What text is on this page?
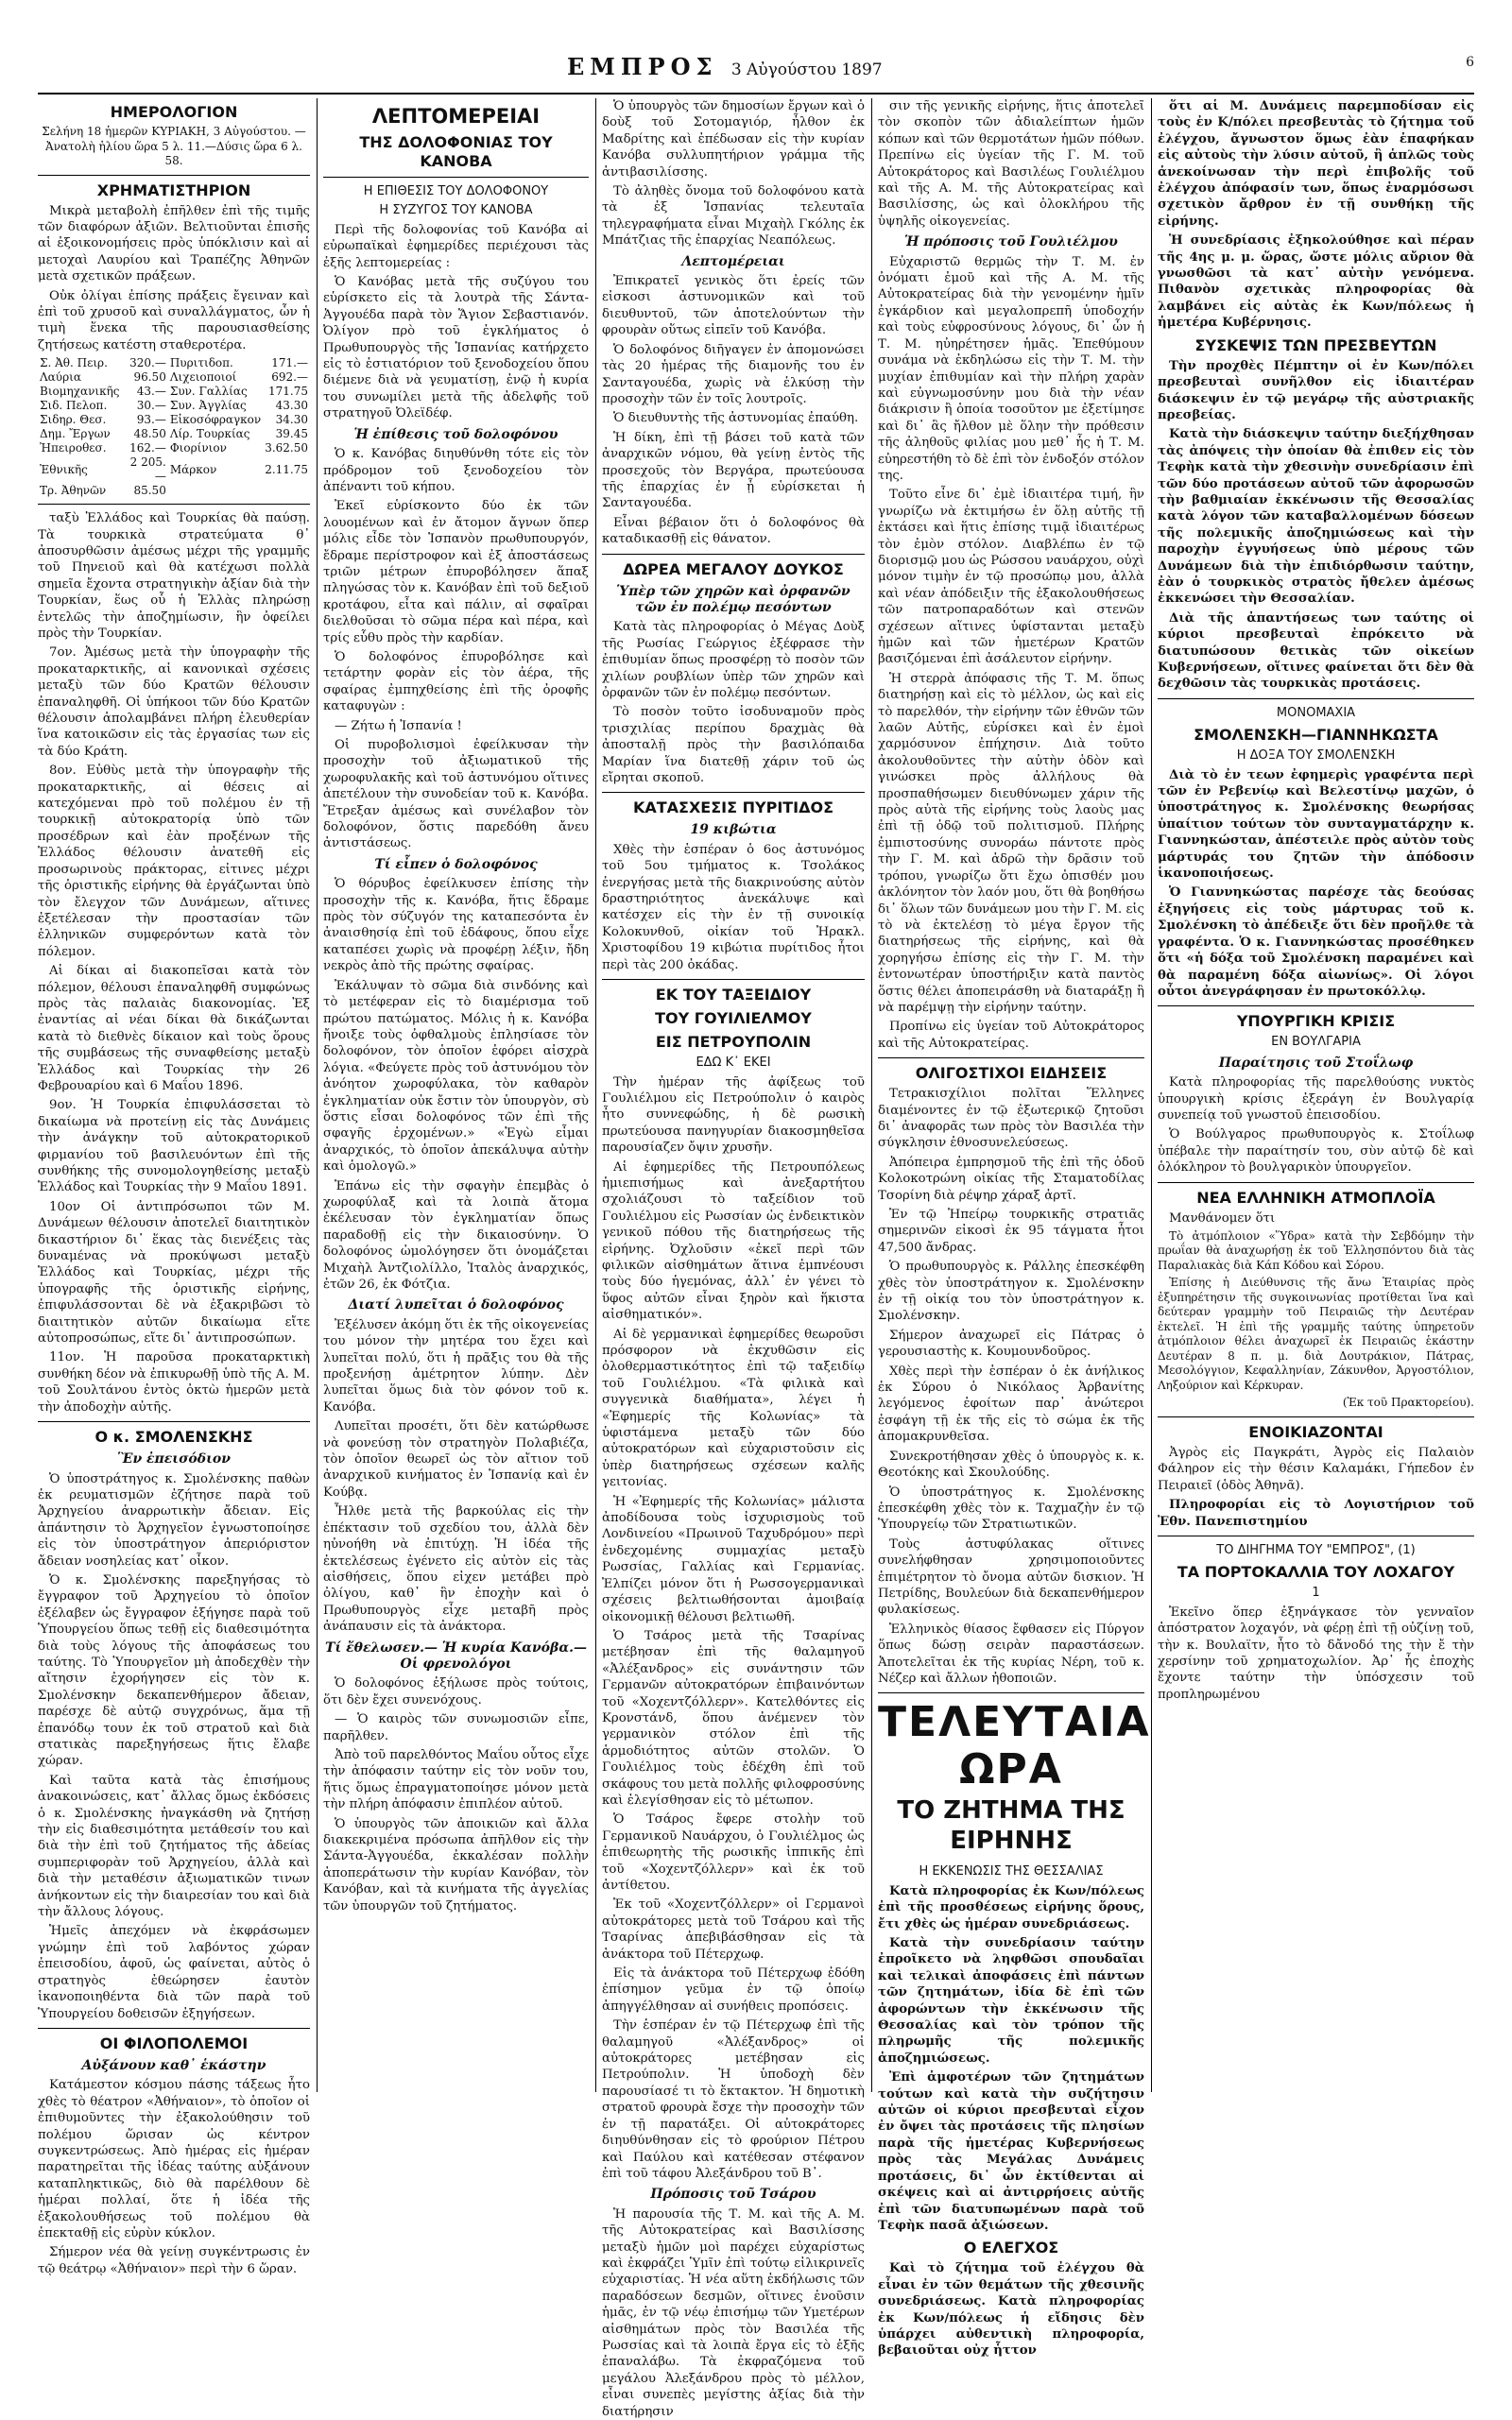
ΕΜΠΡΟΣ 3 Αὐγούστου 1897	6
ΗΜΕΡΟΛΟΓΙΟΝ

Σελήνη 18 ἡμερῶν ΚΥΡΙΑΚΗ, 3 Αὐγούστου. — Ἀνατολὴ ἡλίου ὥρα 5 λ. 11.—Δύσις ὥρα 6 λ. 58.

ΧΡΗΜΑΤΙΣΤΗΡΙΟΝ

Μικρὰ μεταβολὴ ἐπῆλθεν ἐπὶ τῆς τιμῆς τῶν διαφόρων ἀξιῶν. Βελτιοῦνται ἐπισῆς αἱ ἐξοικονομήσεις πρὸς ὑπόκλισιν καὶ αἱ μετοχαὶ Λαυρίου καὶ Τραπέζης Ἀθηνῶν μετὰ σχετικῶν πράξεων.

Οὐκ ὀλίγαι ἐπίσης πράξεις ἔγειναν καὶ ἐπὶ τοῦ χρυσοῦ καὶ συναλλάγματος, ὧν ἡ τιμὴ ἕνεκα τῆς παρουσιασθείσης ζητήσεως κατέστη σταθεροτέρα.

Σ. Ἀθ. Πειρ.	320.—	Πυριτιδοπ.	171.—
Λαύρια	96.50	Λιχειοποιοί	692.—
Βιομηχανικῆς	43.—	Συν. Γαλλίας	171.75
Σιδ. Πελοπ.	30.—	Συν. Ἀγγλίας	43.30
Σιδηρ. Θεσ.	93.—	Εἰκοσόφραγκον	34.30
Δημ. Ἔργων	48.50	Λίρ. Τουρκίας	39.45
Ἠπειροθεσ.	162.—	Φιορίνιον	3.62.50
Ἐθνικῆς	2 205.—	Μάρκον	2.11.75
Τρ. Ἀθηνῶν	85.50		

ταξὺ Ἑλλάδος καὶ Τουρκίας θὰ παύσῃ. Τὰ τουρκικὰ στρατεύματα θ᾽ ἀποσυρθῶσιν ἀμέσως μέχρι τῆς γραμμῆς τοῦ Πηνειοῦ καὶ θὰ κατέχωσι πολλὰ σημεῖα ἔχοντα στρατηγικὴν ἀξίαν διὰ τὴν Τουρκίαν, ἕως οὗ ἡ Ἑλλὰς πληρώσῃ ἐντελῶς τὴν ἀποζημίωσιν, ἣν ὀφείλει πρὸς τὴν Τουρκίαν.

7ον. Ἀμέσως μετὰ τὴν ὑπογραφὴν τῆς προκαταρκτικῆς, αἱ κανονικαὶ σχέσεις μεταξὺ τῶν δύο Κρατῶν θέλουσιν ἐπαναληφθῆ. Οἱ ὑπήκοοι τῶν δύο Κρατῶν θέλουσιν ἀπολαμβάνει πλήρη ἐλευθερίαν ἵνα κατοικῶσιν εἰς τὰς ἐργασίας των εἰς τὰ δύο Κράτη.

8ον. Εὐθὺς μετὰ τὴν ὑπογραφὴν τῆς προκαταρκτικῆς, αἱ θέσεις αἱ κατεχόμεναι πρὸ τοῦ πολέμου ἐν τῇ τουρκικῇ αὐτοκρατορίᾳ ὑπὸ τῶν προσέδρων καὶ ἐὰν προξένων τῆς Ἑλλάδος θέλουσιν ἀνατεθῆ εἰς προσωρινοὺς πράκτορας, εἰτινες μέχρι τῆς ὁριστικῆς εἰρήνης θὰ ἐργάζωνται ὑπὸ τὸν ἔλεγχον τῶν Δυνάμεων, αἵτινες ἐξετέλεσαν τὴν προστασίαν τῶν ἑλληνικῶν συμφερόντων κατὰ τὸν πόλεμον.

Αἱ δίκαι αἱ διακοπεῖσαι κατὰ τὸν πόλεμον, θέλουσι ἐπαναληφθῆ συμφώνως πρὸς τὰς παλαιὰς διακονομίας. Ἐξ ἐναντίας αἱ νέαι δίκαι θὰ δικάζωνται κατὰ τὸ διεθνὲς δίκαιον καὶ τοὺς ὅρους τῆς συμβάσεως τῆς συναφθείσης μεταξὺ Ἑλλάδος καὶ Τουρκίας τὴν 26 Φεβρουαρίου καὶ 6 Μαΐου 1896.

9ον. Ἡ Τουρκία ἐπιφυλάσσεται τὸ δικαίωμα νὰ προτείνῃ εἰς τὰς Δυνάμεις τὴν ἀνάγκην τοῦ αὐτοκρατορικοῦ φιρμανίου τοῦ βασιλευόντων ἐπὶ τῆς συνθήκης τῆς συνομολογηθείσης μεταξὺ Ἑλλάδος καὶ Τουρκίας τὴν 9 Μαΐου 1891.

10ον Οἱ ἀντιπρόσωποι τῶν Μ. Δυνάμεων θέλουσιν ἀποτελεῖ διαιτητικὸν δικαστήριον δι᾽ ἕκας τὰς διενέξεις τὰς δυναμένας νὰ προκύψωσι μεταξὺ Ἑλλάδος καὶ Τουρκίας, μέχρι τῆς ὑπογραφῆς τῆς ὁριστικῆς εἰρήνης, ἐπιφυλάσσονται δὲ νὰ ἐξακριβῶσι τὸ διαιτητικὸν αὐτῶν δικαίωμα εἴτε αὐτοπροσώπως, εἴτε δι᾽ ἀντιπροσώπων.

11ον. Ἡ παροῦσα προκαταρκτικὴ συνθήκη δέον νὰ ἐπικυρωθῇ ὑπὸ τῆς Α. Μ. τοῦ Σουλτάνου ἐντὸς ὀκτὼ ἡμερῶν μετὰ τὴν ἀποδοχὴν αὐτῆς.

Ο κ. ΣΜΟΛΕΝΣΚΗΣ
Ἓν ἐπεισόδιον

Ὁ ὑποστράτηγος κ. Σμολένσκης παθὼν ἐκ ρευματισμῶν ἐζήτησε παρὰ τοῦ Ἀρχηγείου ἀναρρωτικὴν ἄδειαν. Εἰς ἀπάντησιν τὸ Ἀρχηγεῖον ἐγνωστοποίησε εἰς τὸν ὑποστράτηγον ἀπεριόριστον ἄδειαν νοσηλείας κατ᾽ οἶκον.

Ὁ κ. Σμολένσκης παρεξηγήσας τὸ ἔγγραφον τοῦ Ἀρχηγείου τὸ ὁποῖον ἐξέλαβεν ὡς ἔγγραφον ἐξήγησε παρὰ τοῦ Ὑπουργείου ὅπως τεθῇ εἰς διαθεσιμότητα διὰ τοὺς λόγους τῆς ἀποφάσεως του ταύτης. Τὸ Ὑπουργεῖον μὴ ἀποδεχθὲν τὴν αἴτησιν ἐχορήγησεν εἰς τὸν κ. Σμολένσκην δεκαπενθήμερον ἄδειαν, παρέσχε δὲ αὐτῷ συγχρόνως, ἅμα τῇ ἐπανόδῳ τουν ἐκ τοῦ στρατοῦ καὶ διὰ στατικὰς παρεξηγήσεως ἥτις ἔλαβε χώραν.

Καὶ ταῦτα κατὰ τὰς ἐπισήμους ἀνακοινώσεις, κατ᾽ ἄλλας ὅμως ἐκδόσεις ὁ κ. Σμολένσκης ἠναγκάσθη νὰ ζητήσῃ τὴν εἰς διαθεσιμότητα μετάθεσίν του καὶ διὰ τὴν ἐπὶ τοῦ ζητήματος τῆς ἀδείας συμπεριφορὰν τοῦ Ἀρχηγείου, ἀλλὰ καὶ διὰ τὴν μεταθέσιν ἀξιωματικῶν τινων ἀνήκοντων εἰς τὴν διαιρεσίαν του καὶ διὰ τὴν ἄλλους λόγους.

Ἡμεῖς ἀπεχόμεν νὰ ἐκφράσωμεν γνώμην ἐπὶ τοῦ λαβόντος χώραν ἐπεισοδίου, ἀφοῦ, ὡς φαίνεται, αὐτὸς ὁ στρατηγὸς ἐθεώρησεν ἐαυτὸν ἱκανοποιηθέντα διὰ τῶν παρὰ τοῦ Ὑπουργείου δοθεισῶν ἐξηγήσεων.

ΟΙ ΦΙΛΟΠΟΛΕΜΟΙ
Αὐξάνουν καθ᾽ ἑκάστην

Κατάμεστον κόσμου πάσης τάξεως ἦτο χθὲς τὸ θέατρον «Ἀθήναιον», τὸ ὁποῖον οἱ ἐπιθυμοῦντες τὴν ἐξακολούθησιν τοῦ πολέμου ὥρισαν ὡς κέντρον συγκεντρώσεως. Ἀπὸ ἡμέρας εἰς ἡμέραν παρατηρεῖται τῆς ἰδέας ταύτης αὐξάνουν καταπληκτικῶς, διὸ θὰ παρέλθουν δὲ ἡμέραι πολλαί, ὅτε ἡ ἰδέα τῆς ἐξακολουθήσεως τοῦ πολέμου θὰ ἐπεκταθῇ εἰς εὐρὺν κύκλον.

Σήμερον νέα θὰ γείνῃ συγκέντρωσις ἐν τῷ θεάτρῳ «Ἀθήναιον» περὶ τὴν 6 ὥραν.

ΛΕΠΤΟΜΕΡΕΙΑΙ
ΤΗΣ ΔΟΛΟΦΟΝΙΑΣ ΤΟΥ ΚΑΝΟΒΑ
Η ΕΠΙΘΕΣΙΣ ΤΟΥ ΔΟΛΟΦΟΝΟΥ
Η ΣΥΖΥΓΟΣ ΤΟΥ ΚΑΝΟΒΑ

Περὶ τῆς δολοφονίας τοῦ Κανόβα αἱ εὐρωπαϊκαὶ ἐφημερίδες περιέχουσι τὰς ἑξῆς λεπτομερείας :

Ὁ Κανόβας μετὰ τῆς συζύγου του εὑρίσκετο εἰς τὰ λουτρὰ τῆς Σάντα-Ἀγγουέδα παρὰ τὸν Ἅγιον Σεβαστιανόν. Ὀλίγον πρὸ τοῦ ἐγκλήματος ὁ Πρωθυπουργὸς τῆς Ἱσπανίας κατήρχετο εἰς τὸ ἑστιατόριον τοῦ ξενοδοχείου ὅπου διέμενε διὰ νὰ γευματίσῃ, ἐνῷ ἡ κυρία του συνωμίλει μετὰ τῆς ἀδελφῆς τοῦ στρατηγοῦ Ὀλεϊδέφ.

Ἡ ἐπίθεσις τοῦ δολοφόνου

Ὁ κ. Κανόβας διηυθύνθη τότε εἰς τὸν πρόδρομον τοῦ ξενοδοχείου τὸν ἀπέναντι τοῦ κήπου.

Ἐκεῖ εὑρίσκοντο δύο ἐκ τῶν λουομένων καὶ ἐν ἄτομον ἄγνων ὅπερ μόλις εἶδε τὸν Ἱσπανὸν πρωθυπουργόν, ἔδραμε περίστροφον καὶ ἐξ ἀποστάσεως τριῶν μέτρων ἐπυροβόλησεν ἅπαξ πληγώσας τὸν κ. Κανόβαν ἐπὶ τοῦ δεξιοῦ κροτάφου, εἶτα καὶ πάλιν, αἱ σφαῖραι διελθοῦσαι τὸ σῶμα πέρα καὶ πέρα, καὶ τρίς εὗθυ πρὸς τὴν καρδίαν.

Ὁ δολοφόνος ἐπυροβόλησε καὶ τετάρτην φορὰν εἰς τὸν ἀέρα, τῆς σφαίρας ἐμπηχθείσης ἐπὶ τῆς ὀροφῆς καταφυγὼν :

— Ζήτω ἡ Ἱσπανία !

Οἱ πυροβολισμοὶ ἐφείλκυσαν τὴν προσοχὴν τοῦ ἀξιωματικοῦ τῆς χωροφυλακῆς καὶ τοῦ ἀστυνόμου οἵτινες ἀπετέλουν τὴν συνοδείαν τοῦ κ. Κανόβα. Ἔτρεξαν ἀμέσως καὶ συνέλαβον τὸν δολοφόνον, ὅστις παρεδόθη ἄνευ ἀντιστάσεως.

Τί εἶπεν ὁ δολοφόνος

Ὁ θόρυβος ἐφείλκυσεν ἐπίσης τὴν προσοχὴν τῆς κ. Κανόβα, ἥτις ἔδραμε πρὸς τὸν σύζυγόν της καταπεσόντα ἐν ἀναισθησίᾳ ἐπὶ τοῦ ἐδάφους, ὅπου εἶχε καταπέσει χωρὶς νὰ προφέρῃ λέξιν, ἤδη νεκρὸς ἀπὸ τῆς πρώτης σφαίρας.

Ἐκάλυψαν τὸ σῶμα διὰ σινδόνης καὶ τὸ μετέφεραν εἰς τὸ διαμέρισμα τοῦ πρώτου πατώματος. Μόλις ἡ κ. Κανόβα ἤνοιξε τοὺς ὀφθαλμοὺς ἐπλησίασε τὸν δολοφόνον, τὸν ὁποῖον ἐφόρει αἰσχρὰ λόγια. «Φεύγετε πρὸς τοῦ ἀστυνόμου τὸν ἀνόητον χωροφύλακα, τὸν καθαρὸν ἐγκληματίαν οὐκ ἔστιν τὸν ὑπουργὸν, σὺ ὅστις εἶσαι δολοφόνος τῶν ἐπὶ τῆς σφαγῆς ἐρχομένων.» «Ἐγὼ εἶμαι ἀναρχικός, τὸ ὁποῖον ἀπεκάλυψα αὐτὴν καὶ ὁμολογῶ.»

Ἐπάνω εἰς τὴν σφαγὴν ἐπεμβὰς ὁ χωροφύλαξ καὶ τὰ λοιπὰ ἄτομα ἐκέλευσαν τὸν ἐγκληματίαν ὅπως παραδοθῇ εἰς τὴν δικαιοσύνην. Ὁ δολοφόνος ὠμολόγησεν ὅτι ὀνομάζεται Μιχαὴλ Ἀντζιολίλλο, Ἰταλὸς ἀναρχικός, ἐτῶν 26, ἐκ Φότζια.

Διατί λυπεῖται ὁ δολοφόνος

Ἐξέλυσεν ἀκόμη ὅτι ἐκ τῆς οἰκογενείας του μόνον τὴν μητέρα του ἔχει καὶ λυπεῖται πολύ, ὅτι ἡ πρᾶξις του θὰ τῆς προξενήσῃ ἀμέτρητον λύπην. Δὲν λυπεῖται ὅμως διὰ τὸν φόνον τοῦ κ. Κανόβα.

Λυπεῖται προσέτι, ὅτι δὲν κατώρθωσε νὰ φονεύσῃ τὸν στρατηγὸν Πολαβιέζα, τὸν ὁποῖον θεωρεῖ ὡς τὸν αἴτιον τοῦ ἀναρχικοῦ κινήματος ἐν Ἰσπανίᾳ καὶ ἐν Κούβᾳ.

Ἦλθε μετὰ τῆς βαρκούλας εἰς τὴν ἐπέκτασιν τοῦ σχεδίου του, ἀλλὰ δὲν ηὐνοήθη νὰ ἐπιτύχῃ. Ἡ ἰδέα τῆς ἐκτελέσεως ἐγένετο εἰς αὐτὸν εἰς τὰς αἰσθήσεις, ὅπου εἰχεν μετάβει πρὸ ὀλίγου, καθ᾽ ἣν ἐποχὴν καὶ ὁ Πρωθυπουργὸς εἶχε μεταβῆ πρὸς ἀνάπαυσιν εἰς τὰ ἀνάκτορα.

Τί ἔθελωσεν.— Ἡ κυρία Κανόβα.— Οἱ φρενολόγοι

Ὁ δολοφόνος ἐξήλωσε πρὸς τούτοις, ὅτι δὲν ἔχει συνενόχους.

— Ὁ καιρὸς τῶν συνωμοσιῶν εἶπε, παρῆλθεν.

Ἀπὸ τοῦ παρελθόντος Μαΐου οὗτος εἶχε τὴν ἀπόφασιν ταύτην εἰς τὸν νοῦν του, ἥτις ὅμως ἐπραγματοποίησε μόνον μετὰ τὴν πλήρη ἀπόφασιν ἐπιπλέον αὐτοῦ.

Ὁ ὑπουργὸς τῶν ἀποικιῶν καὶ ἄλλα διακεκριμένα πρόσωπα ἀπῆλθον εἰς τὴν Σάντα-Ἀγγουέδα, ἐκκαλέσαν πολλὴν ἀποπεράτωσιν τὴν κυρίαν Κανόβαν, τὸν Κανόβαν, καὶ τὰ κινήματα τῆς ἀγγελίας τῶν ὑπουργῶν τοῦ ζητήματος.

Ὁ ὑπουργὸς τῶν δημοσίων ἔργων καὶ ὁ δοὺξ τοῦ Σοτομαγιόρ, ἦλθον ἐκ Μαδρίτης καὶ ἐπέδωσαν εἰς τὴν κυρίαν Κανόβα συλλυπητήριον γράμμα τῆς ἀντιβασιλίσσης.

Τὸ ἀληθὲς ὄνομα τοῦ δολοφόνου κατὰ τὰ ἐξ Ἱσπανίας τελευταῖα τηλεγραφήματα εἶναι Μιχαὴλ Γκόλης ἐκ Μπάτζιας τῆς ἐπαρχίας Νεαπόλεως.

Λεπτομέρειαι

Ἐπικρατεῖ γενικὸς ὅτι ἐρείς τῶν εἰσκοσι ἀστυνομικῶν καὶ τοῦ διευθυντοῦ, τῶν ἀποτελούντων τὴν φρουρὰν οὕτως εἰπεῖν τοῦ Κανόβα.

Ὁ δολοφόνος διῆγαγεν ἐν ἀπομονώσει τὰς 20 ἡμέρας τῆς διαμονῆς του ἐν Σανταγουέδα, χωρὶς νὰ ἑλκύσῃ τὴν προσοχὴν τῶν ἐν τοῖς λουτροῖς.

Ὁ διευθυντὴς τῆς ἀστυνομίας ἐπαύθη.

Ἡ δίκη, ἐπὶ τῇ βάσει τοῦ κατὰ τῶν ἀναρχικῶν νόμου, θὰ γείνῃ ἐντὸς τῆς προσεχοῦς τὸν Βεργάρα, πρωτεύουσα τῆς ἐπαρχίας ἐν ᾗ εὑρίσκεται ἡ Σανταγουέδα.

Εἶναι βέβαιον ὅτι ὁ δολοφόνος θὰ καταδικασθῇ εἰς θάνατον.

ΔΩΡΕΑ ΜΕΓΑΛΟΥ ΔΟΥΚΟΣ
Ὑπὲρ τῶν χηρῶν καὶ ὀρφανῶν τῶν ἐν πολέμῳ πεσόντων

Κατὰ τὰς πληροφορίας ὁ Μέγας Δοὺξ τῆς Ρωσίας Γεώργιος ἐξέφρασε τὴν ἐπιθυμίαν ὅπως προσφέρῃ τὸ ποσὸν τῶν χιλίων ρουβλίων ὑπὲρ τῶν χηρῶν καὶ ὀρφανῶν τῶν ἐν πολέμῳ πεσόντων.

Τὸ ποσὸν τοῦτο ἰσοδυναμοῦν πρὸς τρισχιλίας περίπου δραχμὰς θὰ ἀποσταλῇ πρὸς τὴν βασιλόπαιδα Μαρίαν ἵνα διατεθῇ χάριν τοῦ ὡς εἴρηται σκοποῦ.

ΚΑΤΑΣΧΕΣΙΣ ΠΥΡΙΤΙΔΟΣ
19 κιβώτια

Χθὲς τὴν ἑσπέραν ὁ 6ος ἀστυνόμος τοῦ 5ου τμήματος κ. Τσολάκος ἐνεργήσας μετὰ τῆς διακρινούσης αὐτὸν δραστηριότητος ἀνεκάλυψε καὶ κατέσχεν εἰς τὴν ἐν τῇ συνοικίᾳ Κολοκυνθοῦ, οἰκίαν τοῦ Ἡρακλ. Χριστοφίδου 19 κιβώτια πυρίτιδος ἦτοι περὶ τὰς 200 ὀκάδας.

ΕΚ ΤΟΥ ΤΑΞΕΙΔΙΟΥ
ΤΟΥ ΓΟΥΙΛΙΕΛΜΟΥ
ΕΙΣ ΠΕΤΡΟΥΠΟΛΙΝ
ΕΔΩ Κ᾽ ΕΚΕΙ

Τὴν ἡμέραν τῆς ἀφίξεως τοῦ Γουλιέλμου εἰς Πετρούπολιν ὁ καιρὸς ἦτο συννεφώδης, ἡ δὲ ρωσικὴ πρωτεύουσα πανηγυρίαν διακοσμηθεῖσα παρουσίαζεν ὄψιν χρυσῆν.

Αἱ ἐφημερίδες τῆς Πετρουπόλεως ἡμιεπισήμως καὶ ἀνεξαρτήτου σχολιάζουσι τὸ ταξείδιον τοῦ Γουλιέλμου εἰς Ρωσσίαν ὡς ἐνδεικτικὸν γενικοῦ πόθου τῆς διατηρήσεως τῆς εἰρήνης. Ὀχλοῦσιν «ἐκεῖ περὶ τῶν φιλικῶν αἰσθημάτων ἅτινα ἐμπνέουσι τοὺς δύο ἡγεμόνας, ἀλλ᾽ ἐν γένει τὸ ὕφος αὐτῶν εἶναι ξηρὸν καὶ ἥκιστα αἰσθηματικόν».

Αἱ δὲ γερμανικαὶ ἐφημερίδες θεωροῦσι πρόσφορον νὰ ἐκχυθῶσιν εἰς ὀλοθερμαστικότητος ἐπὶ τῷ ταξειδίῳ τοῦ Γουλιέλμου. «Τὰ φιλικὰ καὶ συγγενικὰ διαθήματα», λέγει ἡ «Ἐφημερίς τῆς Κολωνίας» τὰ ὑφιστάμενα μεταξὺ τῶν δύο αὐτοκρατόρων καὶ εὐχαριστοῦσιν εἰς ὑπὲρ διατηρήσεως σχέσεων καλῆς γειτονίας.

Ἡ «Ἐφημερίς τῆς Κολωνίας» μάλιστα ἀποδίδουσα τοὺς ἰσχυρισμοὺς τοῦ Λονδινείου «Πρωινοῦ Ταχυδρόμου» περὶ ἐνδεχομένης συμμαχίας μεταξὺ Ρωσσίας, Γαλλίας καὶ Γερμανίας. Ἐλπίζει μόνον ὅτι ἡ Ρωσσογερμανικαὶ σχέσεις βελτιωθήσονται ἀμοιβαίᾳ οἰκονομικῇ θέλουσι βελτιωθῆ.

Ὁ Τσάρος μετὰ τῆς Τσαρίνας μετέβησαν ἐπὶ τῆς θαλαμηγοῦ «Ἀλέξανδρος» εἰς συνάντησιν τῶν Γερμανῶν αὐτοκρατόρων ἐπιβαινόντων τοῦ «Χοχεντζόλλερν». Κατελθόντες εἰς Κρονστάνδ, ὅπου ἀνέμενεν τὸν γερμανικὸν στόλον ἐπὶ τῆς ἁρμοδιότητος αὐτῶν στολῶν. Ὁ Γουλιέλμος τοὺς ἐδέχθη ἐπὶ τοῦ σκάφους του μετὰ πολλῆς φιλοφροσύνης καὶ ἐλεγίσθησαν εἰς τὸ μέτωπον.

Ὁ Τσάρος ἔφερε στολὴν τοῦ Γερμανικοῦ Ναυάρχου, ὁ Γουλιέλμος ὡς ἐπιθεωρητὴς τῆς ρωσικῆς ἱππικῆς ἐπὶ τοῦ «Χοχεντζόλλερν» καὶ ἐκ τοῦ ἀντίθετου.

Ἐκ τοῦ «Χοχεντζόλλερν» οἱ Γερμανοὶ αὐτοκράτορες μετὰ τοῦ Τσάρου καὶ τῆς Τσαρίνας ἀπεβιβάσθησαν εἰς τὰ ἀνάκτορα τοῦ Πέτερχωφ.

Εἰς τὰ ἀνάκτορα τοῦ Πέτερχωφ ἐδόθη ἐπίσημον γεῦμα ἐν τῷ ὁποίῳ ἀπηγγέλθησαν αἱ συνήθεις προπόσεις.

Τὴν ἑσπέραν ἐν τῷ Πέτερχωφ ἐπὶ τῆς θαλαμηγοῦ «Ἀλέξανδρος» οἱ αὐτοκράτορες μετέβησαν εἰς Πετρούπολιν. Ἡ ὑποδοχὴ δὲν παρουσίασέ τι τὸ ἔκτακτον. Ἡ δημοτικὴ στρατοῦ φρουρὰ ἔσχε τὴν προσοχὴν τῶν ἐν τῇ παρατάξει. Οἱ αὐτοκράτορες διηυθύνθησαν εἰς τὸ φρούριον Πέτρου καὶ Παύλου καὶ κατέθεσαν στέφανον ἐπὶ τοῦ τάφου Ἀλεξάνδρου τοῦ Β᾽.

Πρόποσις τοῦ Τσάρου

Ἡ παρουσία τῆς Τ. Μ. καὶ τῆς Α. Μ. τῆς Αὐτοκρατείρας καὶ Βασιλίσσης μεταξὺ ἡμῶν μοὶ παρέχει εὐχαρίστως καὶ ἐκφράζει Ὑμῖν ἐπὶ τούτῳ εἰλικρινεῖς εὐχαριστίας. Ἡ νέα αὕτη ἐκδήλωσις τῶν παραδόσεων δεσμῶν, οἵτινες ἑνοῦσιν ἡμᾶς, ἐν τῷ νέῳ ἐπισήμῳ τῶν Υμετέρων αἰσθημάτων πρὸς τὸν Βασιλέα τῆς Ρωσσίας καὶ τὰ λοιπὰ ἔργα εἰς τὸ ἑξῆς ἐπαναλάβω. Τὰ ἐκφραζόμενα τοῦ μεγάλου Ἀλεξάνδρου πρὸς τὸ μέλλον, εἶναι συνεπὲς μεγίστης ἀξίας διὰ τὴν διατήρησιν

σιν τῆς γενικῆς εἰρήνης, ἥτις ἀποτελεῖ τὸν σκοπὸν τῶν ἀδιαλείπτων ἡμῶν κόπων καὶ τῶν θερμοτάτων ἡμῶν πόθων. Πρεπίνω εἰς ὑγείαν τῆς Γ. Μ. τοῦ Αὐτοκράτορος καὶ Βασιλέως Γουλιέλμου καὶ τῆς Α. Μ. τῆς Αὐτοκρατείρας καὶ Βασιλίσσης, ὡς καὶ ὁλοκλήρου τῆς ὑψηλῆς οἰκογενείας.

Ἡ πρόποσις τοῦ Γουλιέλμου

Εὐχαριστῶ θερμῶς τὴν Τ. Μ. ἐν ὀνόματι ἐμοῦ καὶ τῆς Α. Μ. τῆς Αὐτοκρατείρας διὰ τὴν γενομένην ἡμῖν ἐγκάρδιον καὶ μεγαλοπρεπῆ ὑποδοχήν καὶ τοὺς εὐφροσύνους λόγους, δι᾽ ὧν ἡ Τ. Μ. ηὐηρέτησεν ἡμᾶς. Ἐπεθύμουν συνάμα νὰ ἐκδηλώσω εἰς τὴν Τ. Μ. τὴν μυχίαν ἐπιθυμίαν καὶ τὴν πλήρη χαρὰν καὶ εὐγνωμοσύνην μου διὰ τὴν νέαν διάκρισιν ἢ ὁποία τοσοῦτον με ἐξετίμησε καὶ δι᾽ ἃς ἤλθον μὲ ὅλην τὴν πρόθεσιν τῆς ἀληθοῦς φιλίας μου μεθ᾽ ἧς ἡ Τ. Μ. εὐηρεστήθη τὸ δὲ ἐπὶ τὸν ἐνδοξόν στόλον της.

Τοῦτο εἶνε δι᾽ ἐμὲ ἰδιαιτέρα τιμή, ἣν γνωρίζω νὰ ἐκτιμήσω ἐν ὅλῃ αὐτῆς τῇ ἐκτάσει καὶ ἥτις ἐπίσης τιμᾷ ἰδιαιτέρως τὸν ἐμὸν στόλον. Διαβλέπω ἐν τῷ διορισμῷ μου ὡς Ρώσσου ναυάρχου, οὐχὶ μόνον τιμὴν ἐν τῷ προσώπῳ μου, ἀλλὰ καὶ νέαν ἀπόδειξιν τῆς ἐξακολουθήσεως τῶν πατροπαραδότων καὶ στενῶν σχέσεων αἵτινες ὑφίστανται μεταξὺ ἡμῶν καὶ τῶν ἡμετέρων Κρατῶν βασιζόμεναι ἐπὶ ἀσάλευτον εἰρήνην.

Ἡ στερρὰ ἀπόφασις τῆς Τ. Μ. ὅπως διατηρήσῃ καὶ εἰς τὸ μέλλον, ὡς καὶ εἰς τὸ παρελθόν, τὴν εἰρήνην τῶν ἐθνῶν τῶν λαῶν Αὐτῆς, εὑρίσκει καὶ ἐν ἐμοὶ χαρμόσυνον ἐπήχησιν. Διὰ τοῦτο ἀκολουθοῦντες τὴν αὐτὴν ὁδὸν καὶ γινώσκει πρὸς ἀλλήλους θὰ προσπαθήσωμεν διευθύνωμεν χάριν τῆς πρὸς αὐτὰ τῆς εἰρήνης τοὺς λαοὺς μας ἐπὶ τῇ ὁδῷ τοῦ πολιτισμοῦ. Πλήρης ἐμπιστοσύνης συνοράω πάντοτε πρὸς τὴν Γ. Μ. καὶ ἀδρῶ τὴν δρᾶσιν τοῦ τρόπου, γνωρίζω ὅτι ἔχω ὁπισθέν μου ἀκλόνητον τὸν λαόν μου, ὅτι θὰ βοηθήσω δι᾽ ὅλων τῶν δυνάμεων μου τὴν Γ. Μ. εἰς τὸ νὰ ἐκτελέσῃ τὸ μέγα ἔργον τῆς διατηρήσεως τῆς εἰρήνης, καὶ θὰ χορηγήσω ἐπίσης εἰς τὴν Γ. Μ. τὴν ἐντονωτέραν ὑποστήριξιν κατὰ παντὸς ὅστις θέλει ἀποπειράσθη νὰ διαταράξῃ ἢ νὰ παρέμψῃ τὴν εἰρήνην ταύτην.

Προπίνω εἰς ὑγείαν τοῦ Αὐτοκράτορος καὶ τῆς Αὐτοκρατείρας.

ΟΛΙΓΟΣΤΙΧΟΙ ΕΙΔΗΣΕΙΣ

Τετρακισχίλιοι πολῖται Ἕλληνες διαμένοντες ἐν τῷ ἐξωτερικῷ ζητοῦσι δι᾽ ἀναφορᾶς των πρὸς τὸν Βασιλέα τὴν σύγκλησιν ἐθνοσυνελεύσεως.

Ἀπόπειρα ἐμπρησμοῦ τῆς ἐπὶ τῆς ὁδοῦ Κολοκοτρώνη οἰκίας τῆς Σταματοδίλας Τσορίνη διὰ ρέψηρ χάραξ ἀρτῖ.

Ἐν τῷ Ἠπείρῳ τουρκικῆς στρατιᾶς σημερινῶν εἰκοσὶ ἐκ 95 τάγματα ἦτοι 47,500 ἄνδρας.

Ὁ πρωθυπουργὸς κ. Ράλλης ἐπεσκέφθη χθὲς τὸν ὑποστράτηγον κ. Σμολένσκην ἐν τῇ οἰκίᾳ του τὸν ὑποστράτηγον κ. Σμολένσκην.

Σήμερον ἀναχωρεῖ εἰς Πάτρας ὁ γερουσιαστὴς κ. Κουμουνδοῦρος.

Χθὲς περὶ τὴν ἑσπέραν ὁ ἐκ ἀνήλικος ἐκ Σύρου ὁ Νικόλαος Ἀρβανίτης λεγόμενος ἐφοίτων παρ᾽ ἀνώτεροι ἐσφάγη τῇ ἐκ τῆς εἰς τὸ σώμα ἐκ τῆς ἀπομακρυνθεῖσα.

Συνεκροτήθησαν χθὲς ὁ ὑπουργὸς κ. κ. Θεοτόκης καὶ Σκουλούδης.

Ὁ ὑποστράτηγος κ. Σμολένσκης ἐπεσκέφθη χθὲς τὸν κ. Ταχμαζὴν ἐν τῷ Ὑπουργείῳ τῶν Στρατιωτικῶν.

Τοὺς ἀστυφύλακας οἵτινες συνελήφθησαν χρησιμοποιοῦντες ἐπιμέτρητον τὸ ὄνομα αὐτῶν δισκιον. Ἡ Πετρίδης, Βουλεύων διὰ δεκαπενθήμερον φυλακίσεως.

Ἑλληνικὸς θίασος ἔφθασεν εἰς Πύργον ὅπως δώσῃ σειρὰν παραστάσεων. Ἀποτελεῖται ἐκ τῆς κυρίας Νέρη, τοῦ κ. Νέζερ καὶ ἄλλων ἠθοποιῶν.

ΤΕΛΕΥΤΑΙΑ ΩΡΑ
ΤΟ ΖΗΤΗΜΑ ΤΗΣ ΕΙΡΗΝΗΣ
Η ΕΚΚΕΝΩΣΙΣ ΤΗΣ ΘΕΣΣΑΛΙΑΣ

Κατὰ πληροφορίας ἐκ Κων/πόλεως ἐπὶ τῆς προσθέσεως εἰρήνης ὅρους, ἔτι χθὲς ὡς ἡμέραν συνεδριάσεως.

Κατὰ τὴν συνεδρίασιν ταύτην ἐπροῖκετο νὰ ληφθῶσι σπουδαῖαι καὶ τελικαὶ ἀποφάσεις ἐπὶ πάντων τῶν ζητημάτων, ἰδία δὲ ἐπὶ τῶν ἀφορώντων τὴν ἐκκένωσιν τῆς Θεσσαλίας καὶ τὸν τρόπον τῆς πληρωμῆς τῆς πολεμικῆς ἀποζημιώσεως.

Ἐπὶ ἀμφοτέρων τῶν ζητημάτων τούτων καὶ κατὰ τὴν συζήτησιν αὐτῶν οἱ κύριοι πρεσβευταὶ εἶχον ἐν ὄψει τὰς προτάσεις τῆς πλησίων παρὰ τῆς ἡμετέρας Κυβερνήσεως πρὸς τὰς Μεγάλας Δυνάμεις προτάσεις, δι᾽ ὧν ἐκτίθενται αἱ σκέψεις καὶ αἱ ἀντιρρήσεις αὐτῆς ἐπὶ τῶν διατυπωμένων παρὰ τοῦ Τεφὴκ πασᾶ ἀξιώσεων.

Ο ΕΛΕΓΧΟΣ

Καὶ τὸ ζήτημα τοῦ ἐλέγχου θὰ εἶναι ἐν τῶν θεμάτων τῆς χθεσινῆς συνεδριάσεως. Κατὰ πληροφορίας ἐκ Κων/πόλεως ἡ εἴδησις δὲν ὑπάρχει αὐθεντικὴ πληροφορία, βεβαιοῦται οὐχ ἧττον

ὅτι αἱ Μ. Δυνάμεις παρεμποδίσαν εἰς τοὺς ἐν Κ/πόλει πρεσβευτὰς τὸ ζήτημα τοῦ ἐλέγχου, ἄγνωστον ὅμως ἐὰν ἐπαφήκαν εἰς αὐτοὺς τὴν λύσιν αὐτοῦ, ἢ ἁπλῶς τοὺς ἀνεκοίνωσαν τὴν περὶ ἐπιβολῆς τοῦ ἐλέγχου ἀπόφασίν των, ὅπως ἐναρμόσωσι σχετικὸν ἄρθρον ἐν τῇ συνθήκῃ τῆς εἰρήνης.

Ἡ συνεδρίασις ἐξηκολούθησε καὶ πέραν τῆς 4ης μ. μ. ὥρας, ὥστε μόλις αὔριον θὰ γνωσθῶσι τὰ κατ᾽ αὐτὴν γενόμενα. Πιθανὸν σχετικὰς πληροφορίας θὰ λαμβάνει εἰς αὐτὰς ἐκ Κων/πόλεως ἡ ἡμετέρα Κυβέρνησις.

ΣΥΣΚΕΨΙΣ ΤΩΝ ΠΡΕΣΒΕΥΤΩΝ

Τὴν προχθὲς Πέμπτην οἱ ἐν Κων/πόλει πρεσβευταὶ συνῆλθον εἰς ἰδιαιτέραν διάσκεψιν ἐν τῷ μεγάρῳ τῆς αὐστριακῆς πρεσβείας.

Κατὰ τὴν διάσκεψιν ταύτην διεξήχθησαν τὰς ἀπόψεις τὴν ὁποίαν θὰ ἐπιθεν εἰς τὸν Τεφὴκ κατὰ τὴν χθεσινὴν συνεδρίασιν ἐπὶ τῶν δύο προτάσεων αὐτοῦ τῶν ἀφορωσῶν τὴν βαθμιαίαν ἐκκένωσιν τῆς Θεσσαλίας κατὰ λόγον τῶν καταβαλλομένων δόσεων τῆς πολεμικῆς ἀποζημιώσεως καὶ τὴν παροχὴν ἐγγυήσεως ὑπὸ μέρους τῶν Δυνάμεων διὰ τὴν ἐπιδιόρθωσιν ταύτην, ἐὰν ὁ τουρκικὸς στρατὸς ἤθελεν ἀμέσως ἐκκενώσει τὴν Θεσσαλίαν.

Διὰ τῆς ἀπαντήσεως των ταύτης οἱ κύριοι πρεσβευταὶ ἐπρόκειτο νὰ διατυπώσουν θετικὰς τῶν οἰκείων Κυβερνήσεων, οἵτινες φαίνεται ὅτι δὲν θὰ δεχθῶσιν τὰς τουρκικὰς προτάσεις.

ΜΟΝΟΜΑΧΙΑ
ΣΜΟΛΕΝΣΚΗ—ΓΙΑΝΝΗΚΩΣΤΑ
Η ΔΟΞΑ ΤΟΥ ΣΜΟΛΕΝΣΚΗ

Διὰ τὸ ἐν τεων ἐφημερὶς γραφέντα περὶ τῶν ἐν Ρεβενίῳ καὶ Βελεστίνῳ μαχῶν, ὁ ὑποστράτηγος κ. Σμολένσκης θεωρήσας ὑπαίτιον τούτων τὸν συνταγματάρχην κ. Γιαννηκώσταν, ἀπέστειλε πρὸς αὐτὸν τοὺς μάρτυράς του ζητῶν τὴν ἀπόδοσιν ἱκανοποιήσεως.

Ὁ Γιαννηκώστας παρέσχε τὰς δεούσας ἐξηγήσεις εἰς τοὺς μάρτυρας τοῦ κ. Σμολένσκη τὸ ἀπέδειξε ὅτι δὲν προῆλθε τὰ γραφέντα. Ὁ κ. Γιαννηκώστας προσέθηκεν ὅτι «ἡ δόξα τοῦ Σμολένσκη παραμένει καὶ θὰ παραμένη δόξα αἰωνίως». Οἱ λόγοι οὗτοι ἀνεγράφησαν ἐν πρωτοκόλλῳ.

ΥΠΟΥΡΓΙΚΗ ΚΡΙΣΙΣ
ΕΝ ΒΟΥΛΓΑΡΙΑ
Παραίτησις τοῦ Στοΐλωφ

Κατὰ πληροφορίας τῆς παρελθούσης νυκτὸς ὑπουργικὴ κρίσις ἐξεράγη ἐν Βουλγαρίᾳ συνεπείᾳ τοῦ γνωστοῦ ἐπεισοδίου.

Ὁ Βούλγαρος πρωθυπουργὸς κ. Στοΐλωφ ὑπέβαλε τὴν παραίτησίν του, σὺν αὐτῷ δὲ καὶ ὁλόκληρον τὸ βουλγαρικὸν ὑπουργεῖον.

ΝΕΑ ΕΛΛΗΝΙΚΗ ΑΤΜΟΠΛΟΪΑ

Μανθάνομεν ὅτι

Τὸ ἀτμόπλοιον «Ὕδρα» κατὰ τὴν Σεβδόμην τὴν πρωΐαν θὰ ἀναχωρήσῃ ἐκ τοῦ Ἑλλησπόντου διὰ τὰς Παραλιακὰς διὰ Κάπ Κόδου καὶ Σόρου.

Ἐπίσης ἡ Διεύθυνσις τῆς ἄνω Ἑταιρίας πρὸς ἐξυπηρέτησιν τῆς συγκοινωνίας προτίθεται ἵνα καὶ δεύτεραν γραμμὴν τοῦ Πειραιῶς τὴν Δευτέραν ἐκτελεῖ. Ἡ ἐπὶ τῆς γραμμῆς ταύτης ὑπηρετοῦν ἀτμόπλοιον θέλει ἀναχωρεῖ ἐκ Πειραιῶς ἑκάστην Δευτέραν 8 π. μ. διὰ Δουτράκιον, Πάτρας, Μεσολόγγιον, Κεφαλληνίαν, Ζάκυνθον, Ἀργοστόλιον, Ληξούριον καὶ Κέρκυραν.

(Ἐκ τοῦ Πρακτορείου).

ΕΝΟΙΚΙΑΖΟΝΤΑΙ

Ἀγρὸς εἰς Παγκράτι, Ἀγρὸς εἰς Παλαιὸν Φάληρον εἰς τὴν θέσιν Καλαμάκι, Γήπεδον ἐν Πειραιεῖ (ὁδὸς Ἀθηνᾶ).

Πληροφορίαι εἰς τὸ Λογιστήριον τοῦ Ἐθν. Πανεπιστημίου

ΤΟ ΔΙΗΓΗΜΑ ΤΟΥ "ΕΜΠΡΟΣ", (1)
ΤΑ ΠΟΡΤΟΚΑΛΛΙΑ ΤΟΥ ΛΟΧΑΓΟΥ
1

Ἐκεῖνο ὅπερ ἐξηνάγκασε τὸν γενναῖον ἀπόστρατον λοχαγόν, νὰ φέρῃ ἐπὶ τῇ οὐζίνῃ τοῦ, τὴν κ. Βουλαϊτν, ἦτο τὸ δἄνοδό της τὴν ἔ τὴν χερσίνην τοῦ χρηματοχωλίον. Ἀρ᾽ ἧς ἐποχὴς ἔχοντε ταύτην τὴν ὑπόσχεσιν τοῦ προπληρωμένου
